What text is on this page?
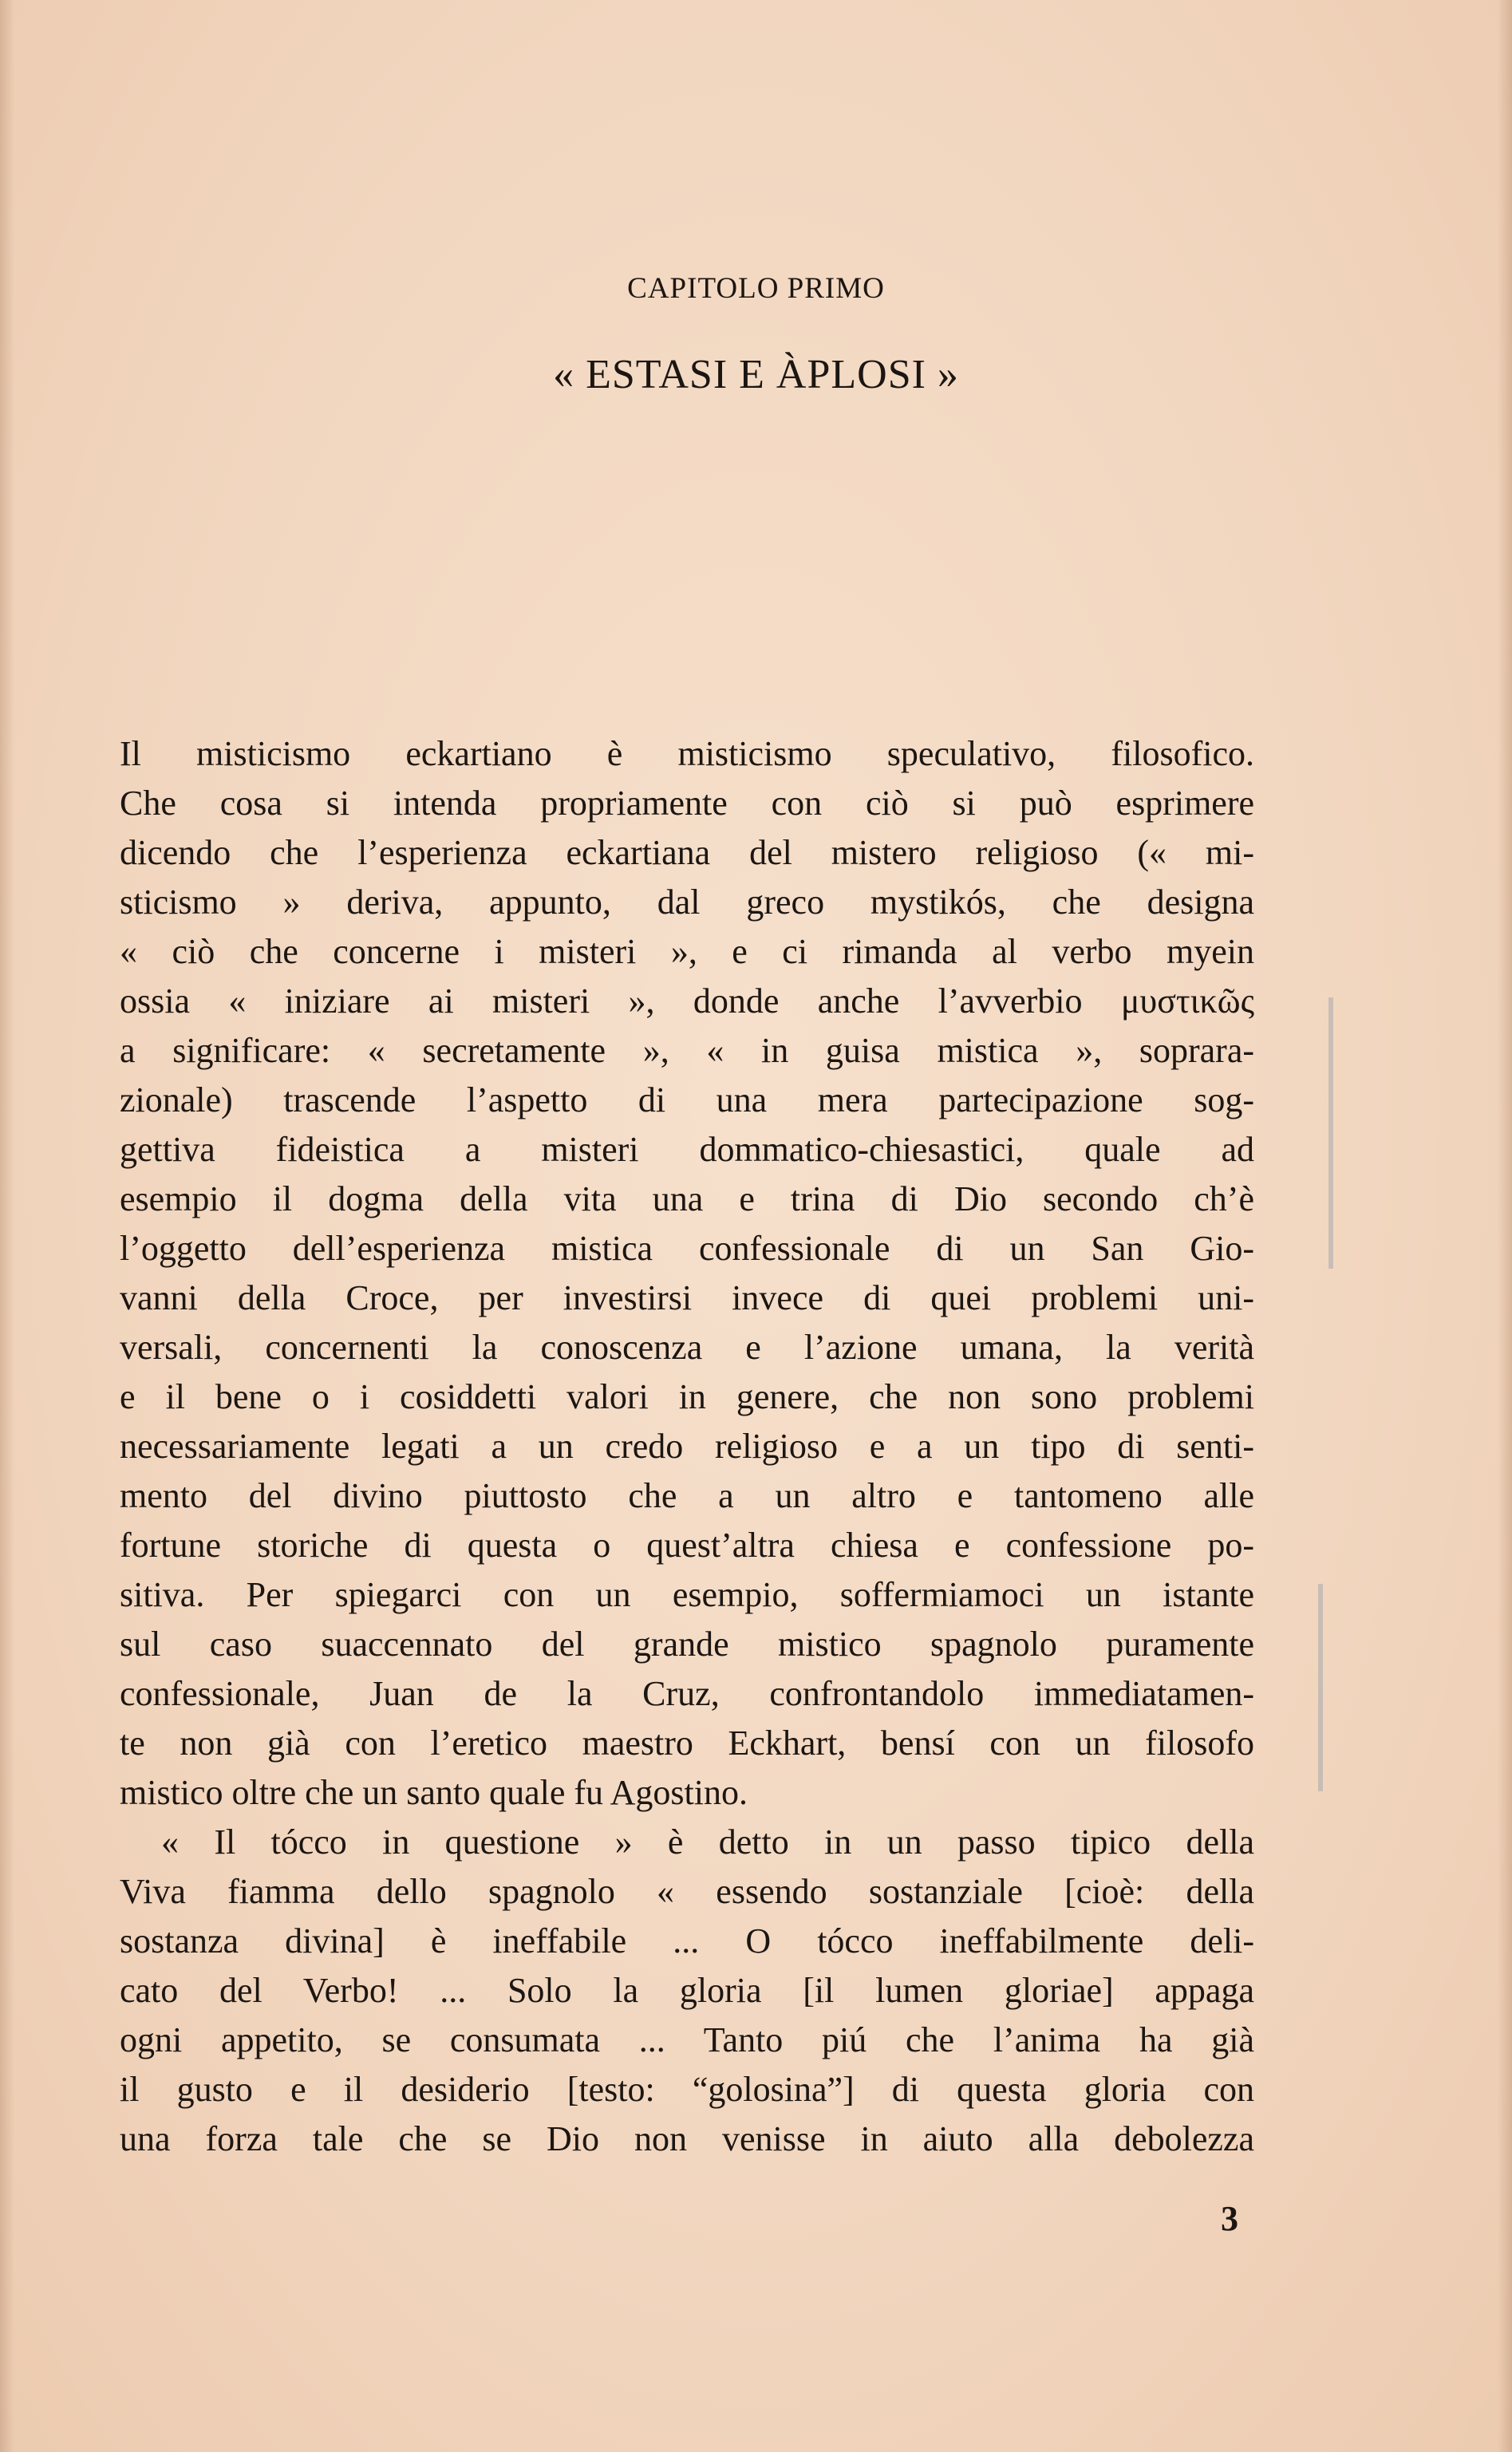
CAPITOLO PRIMO
« ESTASI E ÀPLOSI »

Il misticismo eckartiano è misticismo speculativo, filosofico.
Che cosa si intenda propriamente con ciò si può esprimere
dicendo che l’esperienza eckartiana del mistero religioso (« mi-
sticismo » deriva, appunto, dal greco mystikós, che designa
« ciò che concerne i misteri », e ci rimanda al verbo myein
ossia « iniziare ai misteri », donde anche l’avverbio μυστικῶς
a significare: « secretamente », « in guisa mistica », soprara-
zionale) trascende l’aspetto di una mera partecipazione sog-
gettiva fideistica a misteri dommatico-chiesastici, quale ad
esempio il dogma della vita una e trina di Dio secondo ch’è
l’oggetto dell’esperienza mistica confessionale di un San Gio-
vanni della Croce, per investirsi invece di quei problemi uni-
versali, concernenti la conoscenza e l’azione umana, la verità
e il bene o i cosiddetti valori in genere, che non sono problemi
necessariamente legati a un credo religioso e a un tipo di senti-
mento del divino piuttosto che a un altro e tantomeno alle
fortune storiche di questa o quest’altra chiesa e confessione po-
sitiva. Per spiegarci con un esempio, soffermiamoci un istante
sul caso suaccennato del grande mistico spagnolo puramente
confessionale, Juan de la Cruz, confrontandolo immediatamen-
te non già con l’eretico maestro Eckhart, bensí con un filosofo
mistico oltre che un santo quale fu Agostino.

« Il tócco in questione » è detto in un passo tipico della
Viva fiamma dello spagnolo « essendo sostanziale [cioè: della
sostanza divina] è ineffabile ... O tócco ineffabilmente deli-
cato del Verbo! ... Solo la gloria [il lumen gloriae] appaga
ogni appetito, se consumata ... Tanto piú che l’anima ha già
il gusto e il desiderio [testo: “golosina”] di questa gloria con
una forza tale che se Dio non venisse in aiuto alla debolezza

3
